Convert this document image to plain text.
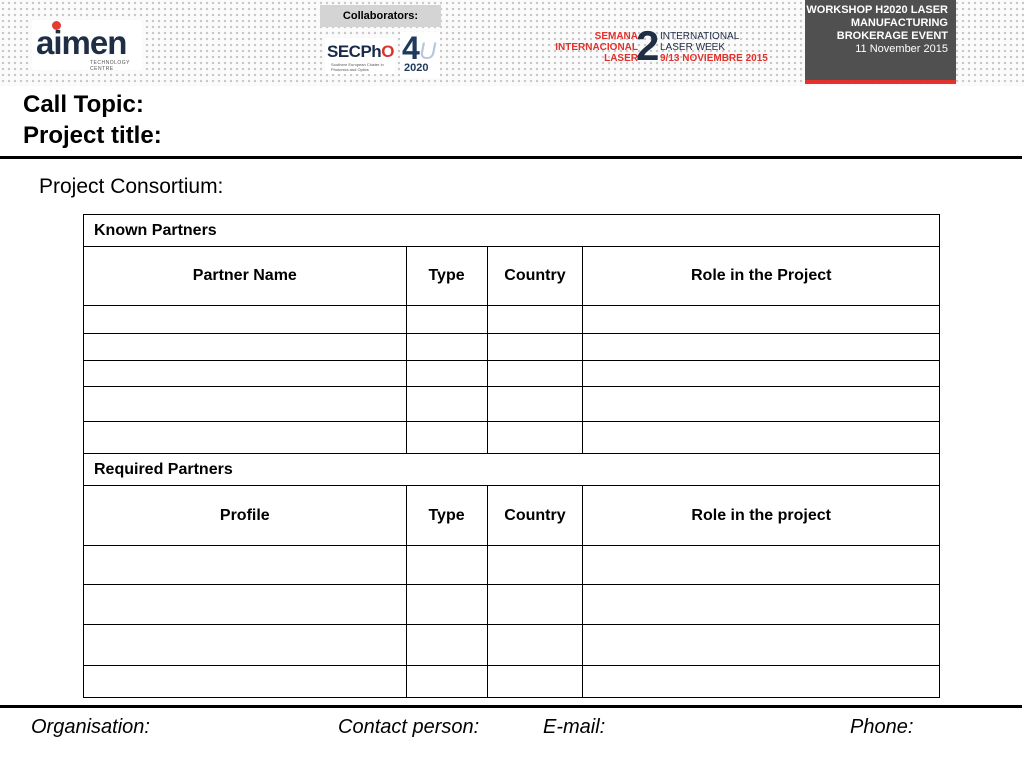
aimen
TECHNOLOGY CENTRE
Collaborators:
SECPhO
Southern European Cluster in Photonics and Optics
4 U
2020
SEMANA
INTERNACIONAL
LASER
2 INTERNATIONAL
LASER WEEK
9/13 NOVIEMBRE 2015
WORKSHOP H2020 LASER
MANUFACTURING
BROKERAGE EVENT
11 November 2015
Call Topic:
Project title:
Project Consortium:
Known Partners			
Partner Name	Type	Country	Role in the Project

Required Partners			
Profile	Type	Country	Role in the project

Organisation:	Contact person:	E-mail:	Phone:
